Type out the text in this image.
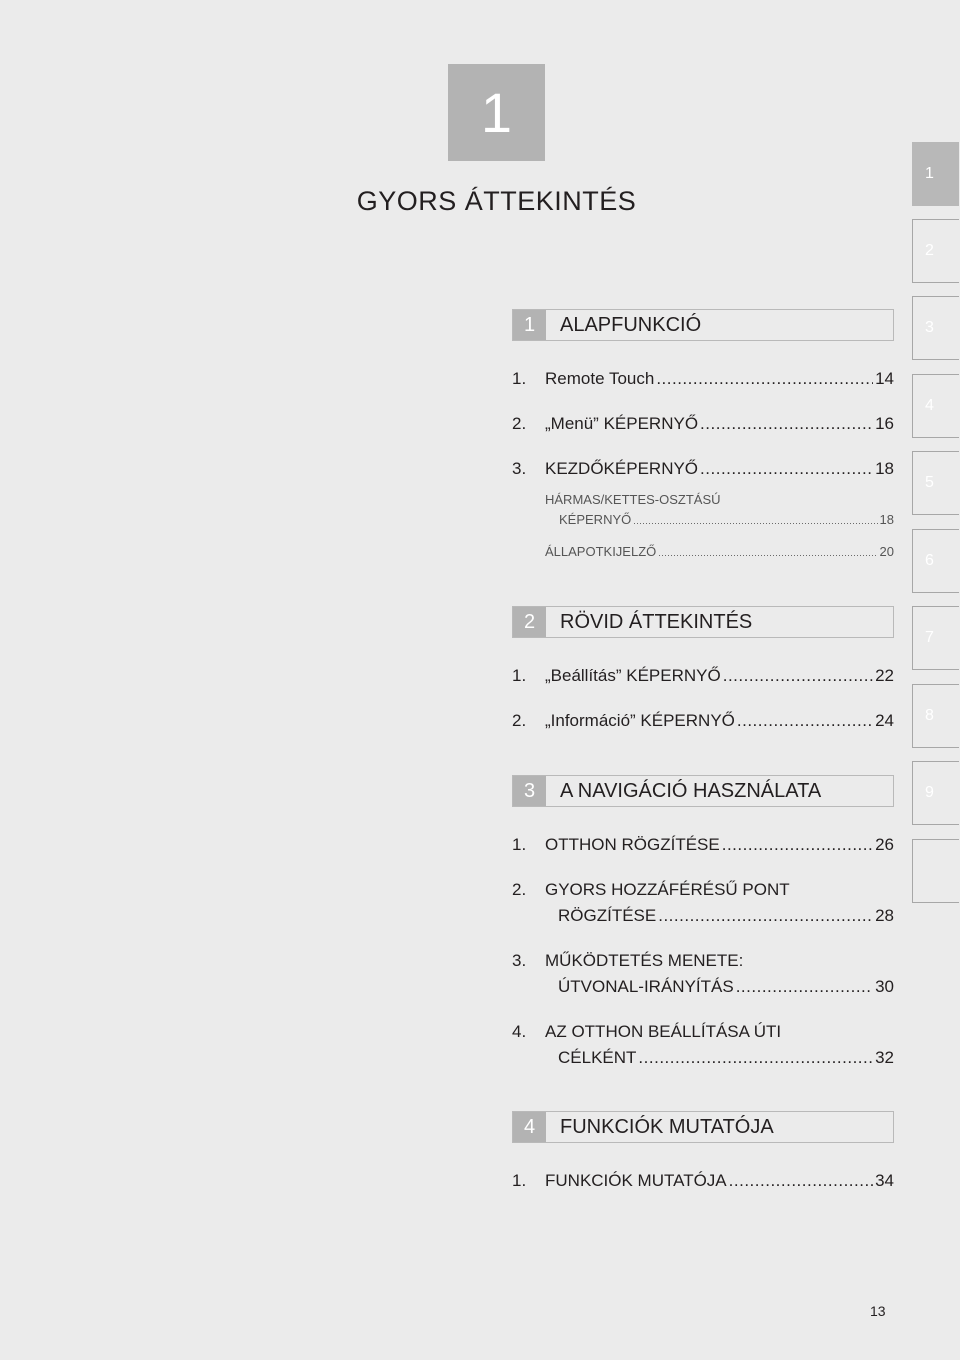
1
GYORS ÁTTEKINTÉS
1
2
3
4
5
6
7
8
9
1	ALAPFUNKCIÓ
1.	Remote Touch .....	14
2.	„Menü” KÉPERNYŐ .....	16
3.	KEZDŐKÉPERNYŐ .....	18
HÁRMAS/KETTES-OSZTÁSÚ
KÉPERNYŐ .....	18
ÁLLAPOTKIJELZŐ .....	20
2	RÖVID ÁTTEKINTÉS
1.	„Beállítás” KÉPERNYŐ .....	22
2.	„Információ” KÉPERNYŐ .....	24
3	A NAVIGÁCIÓ HASZNÁLATA
1.	OTTHON RÖGZÍTÉSE .....	26
2.	GYORS HOZZÁFÉRÉSŰ PONT
RÖGZÍTÉSE .....	28
3.	MŰKÖDTETÉS MENETE:
ÚTVONAL-IRÁNYÍTÁS .....	30
4.	AZ OTTHON BEÁLLÍTÁSA ÚTI
CÉLKÉNT .....	32
4	FUNKCIÓK MUTATÓJA
1.	FUNKCIÓK MUTATÓJA .....	34
13
